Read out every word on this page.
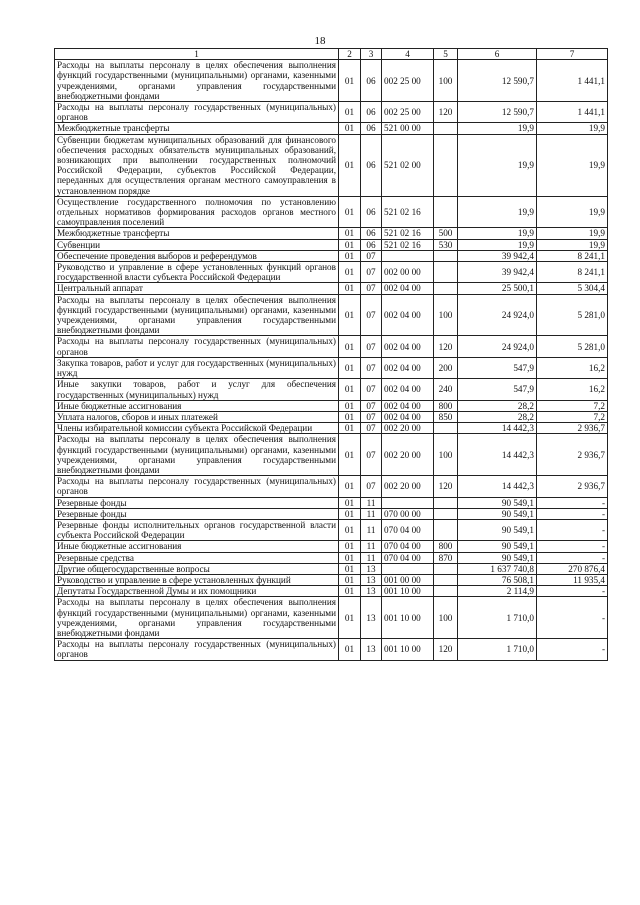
18
1	2	3	4	5	6	7
Расходы на выплаты персоналу в целях обеспечения выполнения функций государственными (муниципальными) органами, казенными учреждениями, органами управления государственными внебюджетными фондами	01	06	002 25 00	100	12 590,7	1 441,1
Расходы на выплаты персоналу государственных (муниципальных) органов	01	06	002 25 00	120	12 590,7	1 441,1
Межбюджетные трансферты	01	06	521 00 00		19,9	19,9
Субвенции бюджетам муниципальных образований для финансового обеспечения расходных обязательств муниципальных образований, возникающих при выполнении государственных полномочий Российской Федерации, субъектов Российской Федерации, переданных для осуществления органам местного самоуправления в установленном порядке	01	06	521 02 00		19,9	19,9
Осуществление государственного полномочия по установлению отдельных нормативов формирования расходов органов местного самоуправления поселений	01	06	521 02 16		19,9	19,9
Межбюджетные трансферты	01	06	521 02 16	500	19,9	19,9
Субвенции	01	06	521 02 16	530	19,9	19,9
Обеспечение проведения выборов и референдумов	01	07			39 942,4	8 241,1
Руководство и управление в сфере установленных функций органов государственной власти субъекта Российской Федерации	01	07	002 00 00		39 942,4	8 241,1
Центральный аппарат	01	07	002 04 00		25 500,1	5 304,4
Расходы на выплаты персоналу в целях обеспечения выполнения функций государственными (муниципальными) органами, казенными учреждениями, органами управления государственными внебюджетными фондами	01	07	002 04 00	100	24 924,0	5 281,0
Расходы на выплаты персоналу государственных (муниципальных) органов	01	07	002 04 00	120	24 924,0	5 281,0
Закупка товаров, работ и услуг для государственных (муниципальных) нужд	01	07	002 04 00	200	547,9	16,2
Иные закупки товаров, работ и услуг для обеспечения государственных (муниципальных) нужд	01	07	002 04 00	240	547,9	16,2
Иные бюджетные ассигнования	01	07	002 04 00	800	28,2	7,2
Уплата налогов, сборов и иных платежей	01	07	002 04 00	850	28,2	7,2
Члены избирательной комиссии субъекта Российской Федерации	01	07	002 20 00		14 442,3	2 936,7
Расходы на выплаты персоналу в целях обеспечения выполнения функций государственными (муниципальными) органами, казенными учреждениями, органами управления государственными внебюджетными фондами	01	07	002 20 00	100	14 442,3	2 936,7
Расходы на выплаты персоналу государственных (муниципальных) органов	01	07	002 20 00	120	14 442,3	2 936,7
Резервные фонды	01	11			90 549,1	-
Резервные фонды	01	11	070 00 00		90 549,1	-
Резервные фонды исполнительных органов государственной власти субъекта Российской Федерации	01	11	070 04 00		90 549,1	-
Иные бюджетные ассигнования	01	11	070 04 00	800	90 549,1	-
Резервные средства	01	11	070 04 00	870	90 549,1	-
Другие общегосударственные вопросы	01	13			1 637 740,8	270 876,4
Руководство и управление в сфере установленных функций	01	13	001 00 00		76 508,1	11 935,4
Депутаты Государственной Думы и их помощники	01	13	001 10 00		2 114,9	-
Расходы на выплаты персоналу в целях обеспечения выполнения функций государственными (муниципальными) органами, казенными учреждениями, органами управления государственными внебюджетными фондами	01	13	001 10 00	100	1 710,0	-
Расходы на выплаты персоналу государственных (муниципальных) органов	01	13	001 10 00	120	1 710,0	-
